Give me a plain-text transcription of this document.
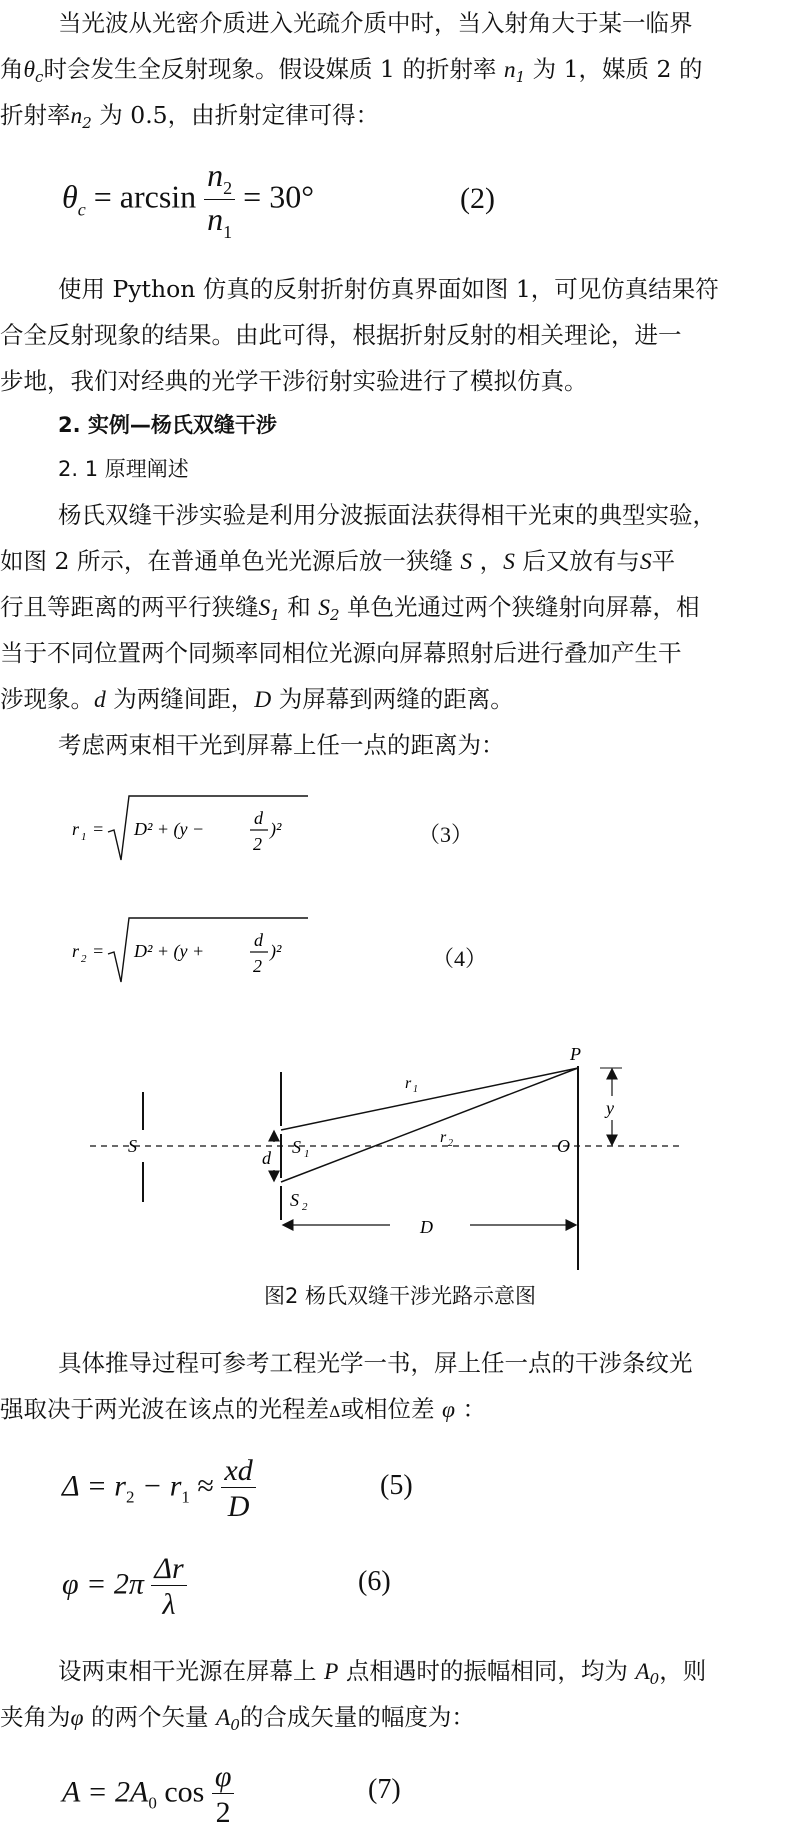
当光波从光密介质进入光疏介质中时，当入射角大于某一临界
角$\theta_c$时会发生全反射现象。假设媒质 1 的折射率 $n_1$ 为 1，媒质 2 的
折射率$n_2$ 为 0.5，由折射定律可得：
$\theta_c = \arcsin \frac{n_2}{n_1} = 30^\circ$	(2)
使用 Python 仿真的反射折射仿真界面如图 1，可见仿真结果符
合全反射现象的结果。由此可得，根据折射反射的相关理论，进一
步地，我们对经典的光学干涉衍射实验进行了模拟仿真。
2. 实例—杨氏双缝干涉
2. 1 原理阐述
杨氏双缝干涉实验是利用分波振面法获得相干光束的典型实验，
如图 2 所示，在普通单色光光源后放一狭缝 S ，S 后又放有与S平
行且等距离的两平行狭缝$S_1$ 和 $S_2$ 单色光通过两个狭缝射向屏幕，相
当于不同位置两个同频率同相位光源向屏幕照射后进行叠加产生干
涉现象。d 为两缝间距，D 为屏幕到两缝的距离。
考虑两束相干光到屏幕上任一点的距离为：
r 1 = D² + (y −
d
2
)²	（3）
r 2 = D² + (y +
d
2
)²	（4）
P
y
r 1
r 2
S	S 1
S 2
d
O
D
图2 杨氏双缝干涉光路示意图
具体推导过程可参考工程光学一书，屏上任一点的干涉条纹光
强取决于两光波在该点的光程差Δ或相位差 φ ：
$\Delta = r_2 - r_1 \approx \frac{xd}{D}$	(5)
$\varphi = 2\pi \frac{\Delta r}{\lambda}$	(6)
设两束相干光源在屏幕上 P 点相遇时的振幅相同，均为 $A_0$，则
夹角为φ 的两个矢量 $A_0$的合成矢量的幅度为：
$A = 2A_0$ $\cos \frac{\varphi}{2}$	(7)
